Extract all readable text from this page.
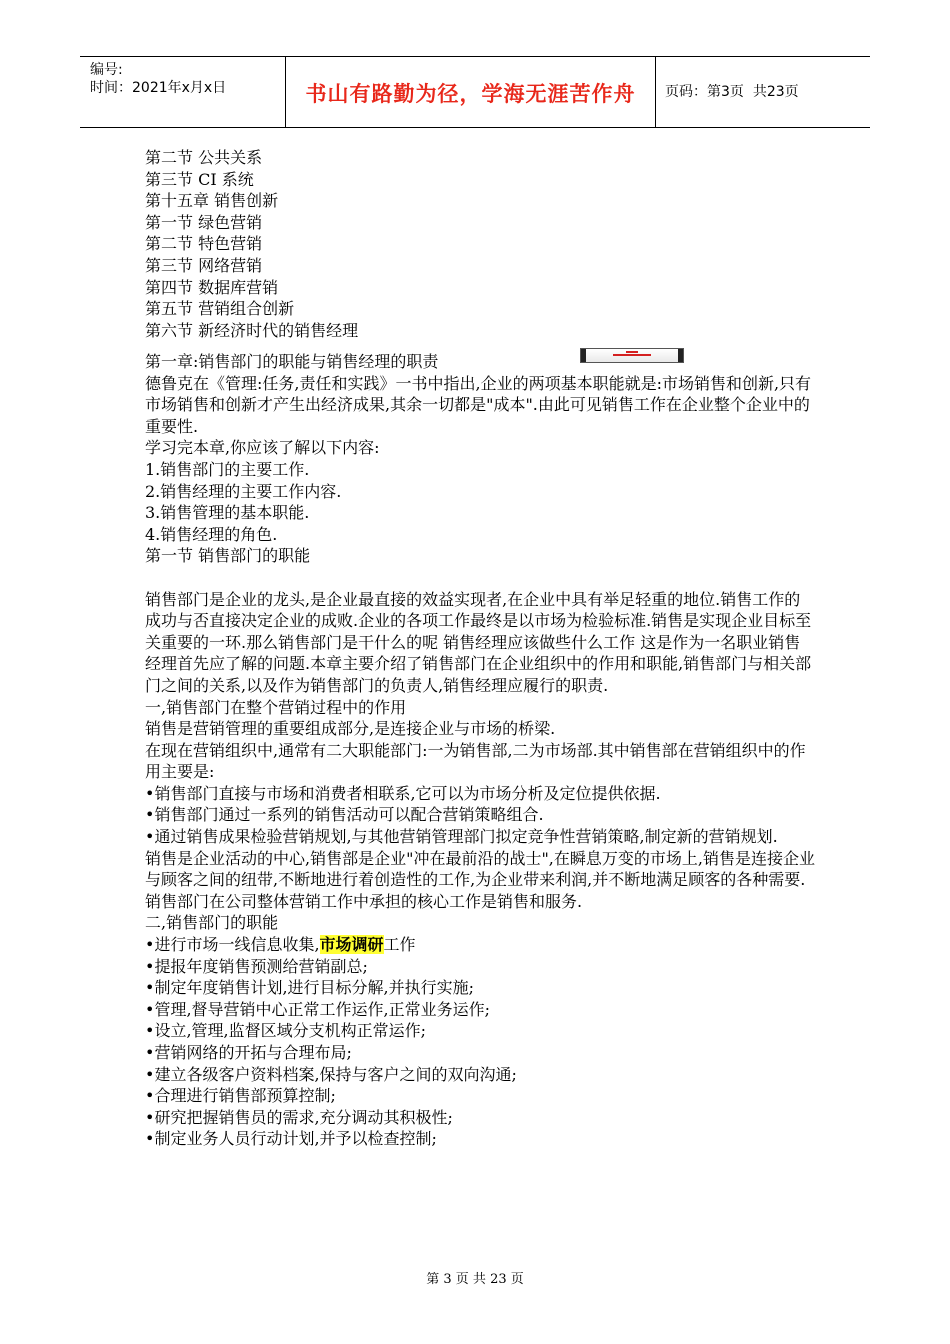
编号:
时间：2021年x月x日	书山有路勤为径，学海无涯苦作舟	页码：第3页  共23页
第二节 公共关系
第三节 CI 系统
第十五章 销售创新
第一节 绿色营销
第二节 特色营销
第三节 网络营销
第四节 数据库营销
第五节 营销组合创新
第六节 新经济时代的销售经理

第一章:销售部门的职能与销售经理的职责

德鲁克在《管理:任务,责任和实践》一书中指出,企业的两项基本职能就是:市场销售和创新,只有市场销售和创新才产生出经济成果,其余一切都是"成本".由此可见销售工作在企业整个企业中的重要性.

学习完本章,你应该了解以下内容:

1.销售部门的主要工作.

2.销售经理的主要工作内容.

3.销售管理的基本职能.

4.销售经理的角色.

第一节 销售部门的职能

销售部门是企业的龙头,是企业最直接的效益实现者,在企业中具有举足轻重的地位.销售工作的成功与否直接决定企业的成败.企业的各项工作最终是以市场为检验标准.销售是实现企业目标至关重要的一环.那么销售部门是干什么的呢 销售经理应该做些什么工作 这是作为一名职业销售经理首先应了解的问题.本章主要介绍了销售部门在企业组织中的作用和职能,销售部门与相关部门之间的关系,以及作为销售部门的负责人,销售经理应履行的职责.

一,销售部门在整个营销过程中的作用

销售是营销管理的重要组成部分,是连接企业与市场的桥梁.

在现在营销组织中,通常有二大职能部门:一为销售部,二为市场部.其中销售部在营销组织中的作用主要是:

•销售部门直接与市场和消费者相联系,它可以为市场分析及定位提供依据.

•销售部门通过一系列的销售活动可以配合营销策略组合.

•通过销售成果检验营销规划,与其他营销管理部门拟定竞争性营销策略,制定新的营销规划.

销售是企业活动的中心,销售部是企业"冲在最前沿的战士",在瞬息万变的市场上,销售是连接企业与顾客之间的纽带,不断地进行着创造性的工作,为企业带来利润,并不断地满足顾客的各种需要.销售部门在公司整体营销工作中承担的核心工作是销售和服务.

二,销售部门的职能

•进行市场一线信息收集,市场调研工作

•提报年度销售预测给营销副总;

•制定年度销售计划,进行目标分解,并执行实施;

•管理,督导营销中心正常工作运作,正常业务运作;

•设立,管理,监督区域分支机构正常运作;

•营销网络的开拓与合理布局;

•建立各级客户资料档案,保持与客户之间的双向沟通;

•合理进行销售部预算控制;

•研究把握销售员的需求,充分调动其积极性;

•制定业务人员行动计划,并予以检查控制;

第 3 页 共 23 页
